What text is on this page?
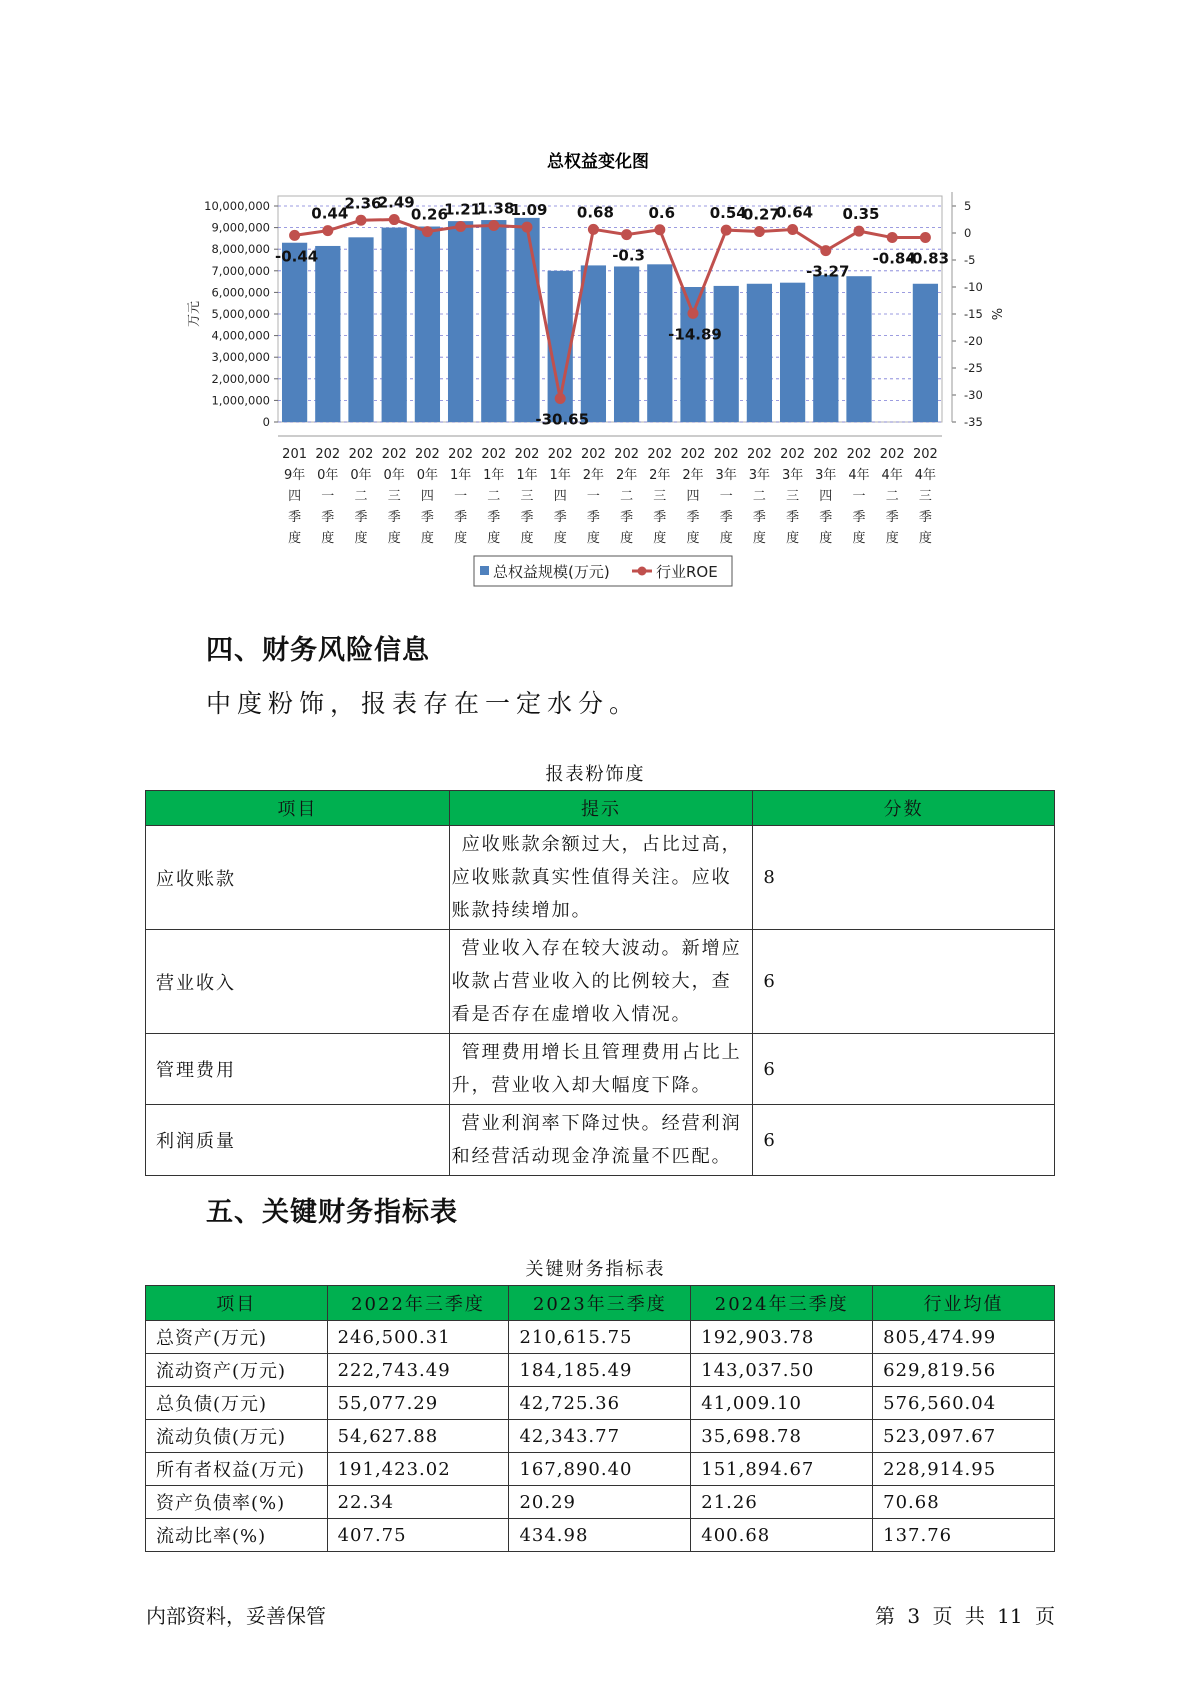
总权益变化图
0
1,000,000
2,000,000
3,000,000
4,000,000
5,000,000
6,000,000
7,000,000
8,000,000
9,000,000
10,000,000	5
0
-5
-10
-15
-20
-25
-30
-35
万元	%
-0.44
0.44
2.36
2.49
0.26
1.21
1.38
1.09
-30.65
0.68
-0.3
0.6
-14.89
0.54
0.27
0.64
-3.27
0.35
-0.84
-0.83
201
9年
四
季
度
202
0年
一
季
度
202
0年
二
季
度
202
0年
三
季
度
202
0年
四
季
度
202
1年
一
季
度
202
1年
二
季
度
202
1年
三
季
度
202
1年
四
季
度
202
2年
一
季
度
202
2年
二
季
度
202
2年
三
季
度
202
2年
四
季
度
202
3年
一
季
度
202
3年
二
季
度
202
3年
三
季
度
202
3年
四
季
度
202
4年
一
季
度
202
4年
二
季
度
202
4年
三
季
度
总权益规模(万元)	行业ROE
四、财务风险信息

中度粉饰，报表存在一定水分。

报表粉饰度
项目	提示	分数
应收账款	应收账款余额过大，占比过高，应收账款真实性值得关注。应收账款持续增加。	8
营业收入	营业收入存在较大波动。新增应收款占营业收入的比例较大，查看是否存在虚增收入情况。	6
管理费用	管理费用增长且管理费用占比上升，营业收入却大幅度下降。	6
利润质量	营业利润率下降过快。经营利润和经营活动现金净流量不匹配。	6
五、关键财务指标表
关键财务指标表
项目	2022年三季度	2023年三季度	2024年三季度	行业均值
总资产(万元)	246,500.31	210,615.75	192,903.78	805,474.99
流动资产(万元)	222,743.49	184,185.49	143,037.50	629,819.56
总负债(万元)	55,077.29	42,725.36	41,009.10	576,560.04
流动负债(万元)	54,627.88	42,343.77	35,698.78	523,097.67
所有者权益(万元)	191,423.02	167,890.40	151,894.67	228,914.95
资产负债率(%)	22.34	20.29	21.26	70.68
流动比率(%)	407.75	434.98	400.68	137.76
内部资料，妥善保管	第 3 页 共 11 页
